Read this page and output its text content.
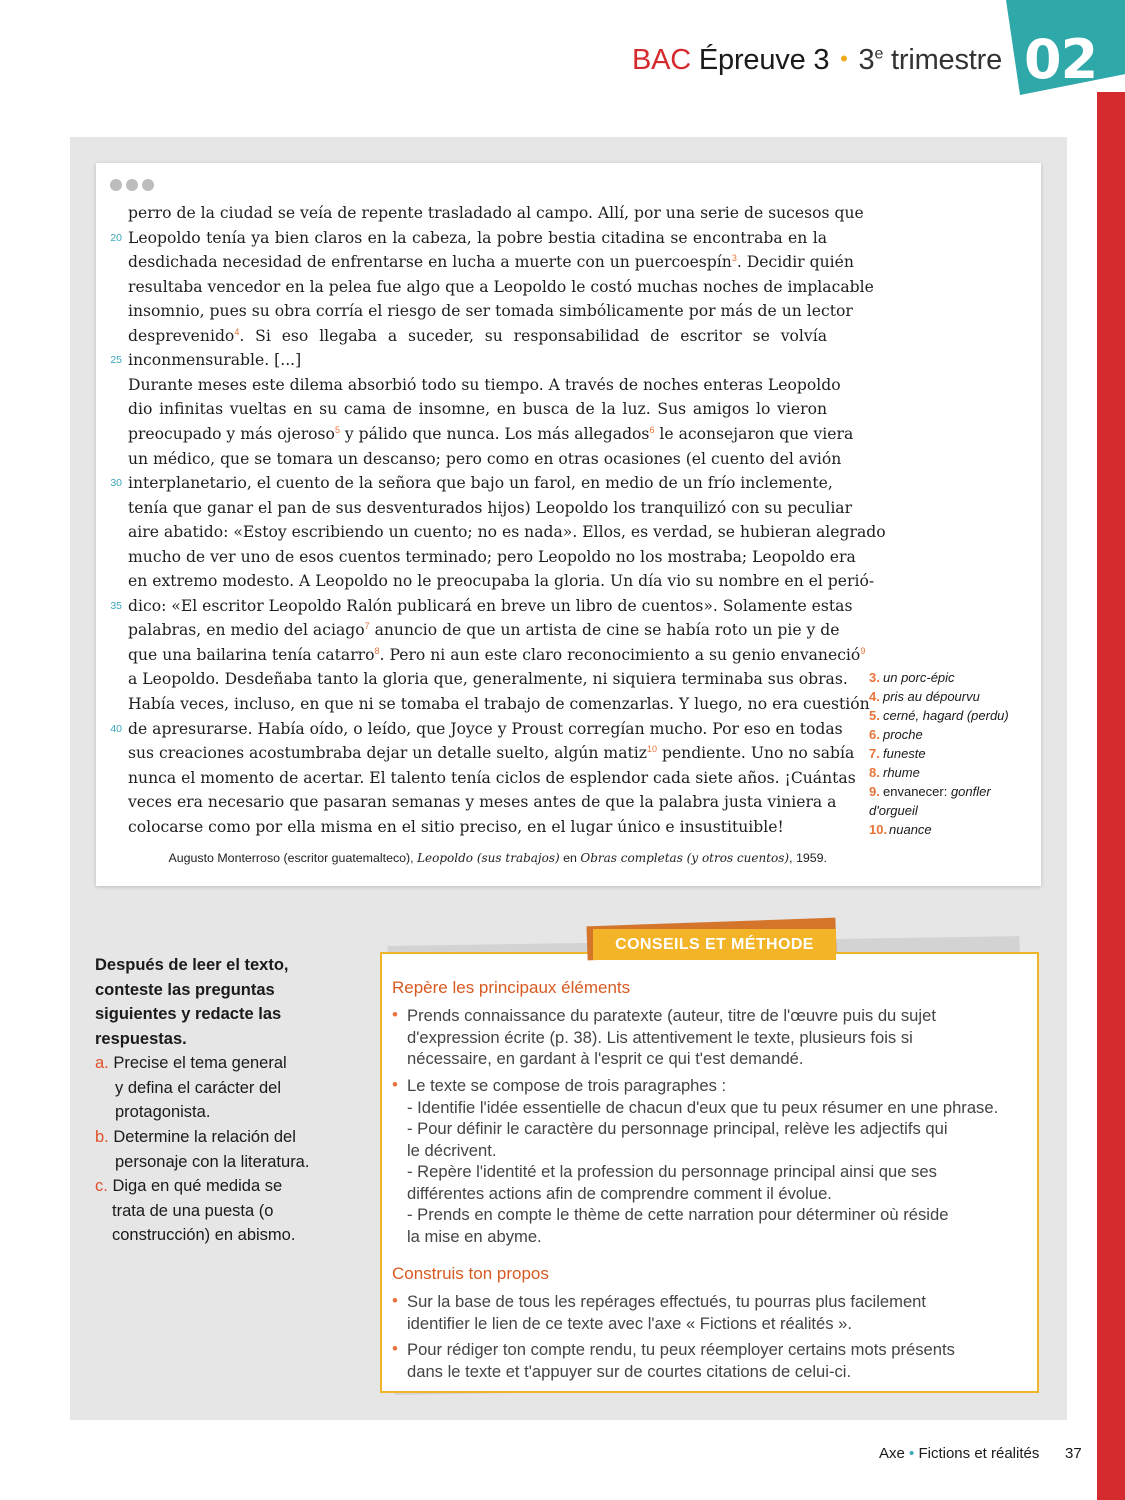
BAC Épreuve 3 • 3e trimestre 02
perro de la ciudad se veía de repente trasladado al campo. Allí, por una serie de sucesos que
Leopoldo tenía ya bien claros en la cabeza, la pobre bestia citadina se encontraba en la
20
desdichada necesidad de enfrentarse en lucha a muerte con un puercoespín$^3$. Decidir quién
resultaba vencedor en la pelea fue algo que a Leopoldo le costó muchas noches de implacable
insomnio, pues su obra corría el riesgo de ser tomada simbólicamente por más de un lector
desprevenido$^4$. Si eso llegaba a suceder, su responsabilidad de escritor se volvía
inconmensurable. [...]
25
Durante meses este dilema absorbió todo su tiempo. A través de noches enteras Leopoldo
dio infinitas vueltas en su cama de insomne, en busca de la luz. Sus amigos lo vieron
preocupado y más ojeroso$^5$ y pálido que nunca. Los más allegados$^6$ le aconsejaron que viera
un médico, que se tomara un descanso; pero como en otras ocasiones (el cuento del avión
interplanetario, el cuento de la señora que bajo un farol, en medio de un frío inclemente,
30
tenía que ganar el pan de sus desventurados hijos) Leopoldo los tranquilizó con su peculiar
aire abatido: «Estoy escribiendo un cuento; no es nada». Ellos, es verdad, se hubieran alegrado
mucho de ver uno de esos cuentos terminado; pero Leopoldo no los mostraba; Leopoldo era
en extremo modesto. A Leopoldo no le preocupaba la gloria. Un día vio su nombre en el perió-
dico: «El escritor Leopoldo Ralón publicará en breve un libro de cuentos». Solamente estas
35
palabras, en medio del aciago$^7$ anuncio de que un artista de cine se había roto un pie y de
que una bailarina tenía catarro$^8$. Pero ni aun este claro reconocimiento a su genio envaneció$^9$
a Leopoldo. Desdeñaba tanto la gloria que, generalmente, ni siquiera terminaba sus obras.
Había veces, incluso, en que ni se tomaba el trabajo de comenzarlas. Y luego, no era cuestión
de apresurarse. Había oído, o leído, que Joyce y Proust corregían mucho. Por eso en todas
40
sus creaciones acostumbraba dejar un detalle suelto, algún matiz$^{10}$ pendiente. Uno no sabía
nunca el momento de acertar. El talento tenía ciclos de esplendor cada siete años. ¡Cuántas
veces era necesario que pasaran semanas y meses antes de que la palabra justa viniera a
colocarse como por ella misma en el sitio preciso, en el lugar único e insustituible!
Augusto Monterroso (escritor guatemalteco), Leopoldo (sus trabajos) en Obras completas (y otros cuentos), 1959.
3. un porc-épic
4. pris au dépourvu
5. cerné, hagard (perdu)
6. proche
7. funeste
8. rhume
9. envanecer: gonfler
d'orgueil
10. nuance
Después de leer el texto,
conteste las preguntas
siguientes y redacte las
respuestas.
a. Precise el tema general
y defina el carácter del
protagonista.
b. Determine la relación del
personaje con la literatura.
c. Diga en qué medida se
trata de una puesta (o
construcción) en abismo.
CONSEILS ET MÉTHODE
Repère les principaux éléments
• Prends connaissance du paratexte (auteur, titre de l'œuvre puis du sujet
d'expression écrite (p. 38). Lis attentivement le texte, plusieurs fois si
nécessaire, en gardant à l'esprit ce qui t'est demandé.
• Le texte se compose de trois paragraphes :
- Identifie l'idée essentielle de chacun d'eux que tu peux résumer en une phrase.
- Pour définir le caractère du personnage principal, relève les adjectifs qui
le décrivent.
- Repère l'identité et la profession du personnage principal ainsi que ses
différentes actions afin de comprendre comment il évolue.
- Prends en compte le thème de cette narration pour déterminer où réside
la mise en abyme.
Construis ton propos
• Sur la base de tous les repérages effectués, tu pourras plus facilement
identifier le lien de ce texte avec l'axe « Fictions et réalités ».
• Pour rédiger ton compte rendu, tu peux réemployer certains mots présents
dans le texte et t'appuyer sur de courtes citations de celui-ci.
Axe • Fictions et réalités 37
